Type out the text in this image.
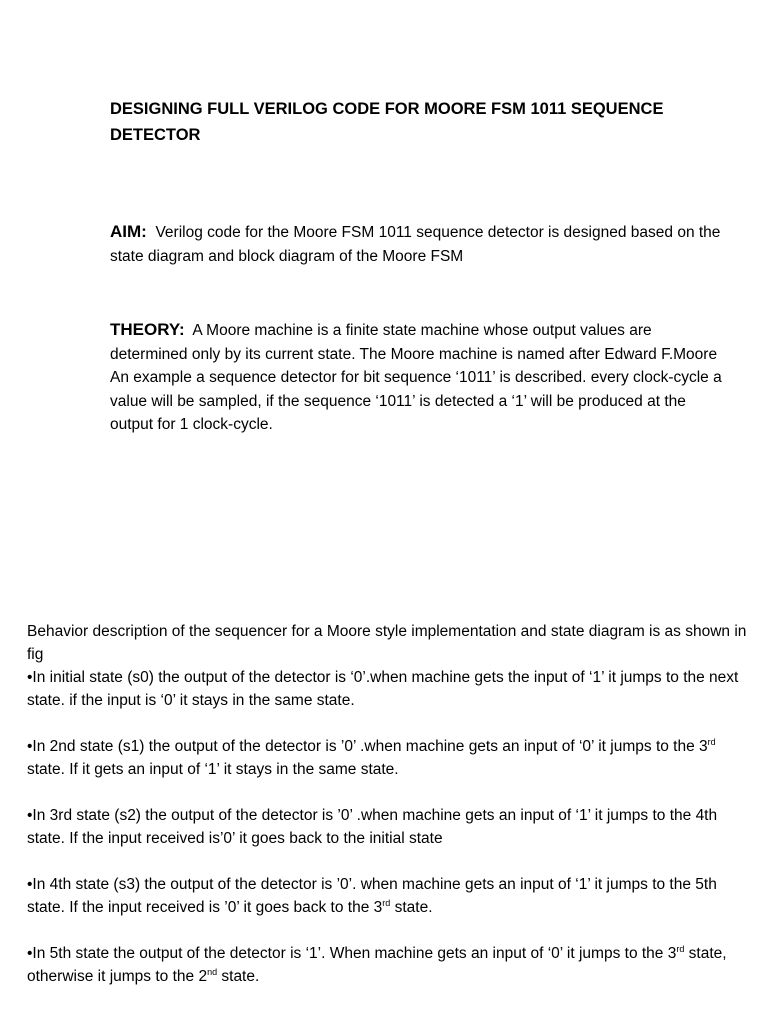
DESIGNING FULL VERILOG CODE FOR MOORE FSM 1011 SEQUENCE DETECTOR

AIM: Verilog code for the Moore FSM 1011 sequence detector is designed based on the state diagram and block diagram of the Moore FSM

THEORY: A Moore machine is a finite state machine whose output values are determined only by its current state. The Moore machine is named after Edward F.Moore

An example a sequence detector for bit sequence ‘1011’ is described. every clock-cycle a value will be sampled, if the sequence ‘1011’ is detected a ‘1’ will be produced at the output for 1 clock-cycle.

Behavior description of the sequencer for a Moore style implementation and state diagram is as shown in fig

•In initial state (s0) the output of the detector is ‘0’.when machine gets the input of ‘1’ it jumps to the next state. if the input is ‘0’ it stays in the same state.

•In 2nd state (s1) the output of the detector is ’0’ .when machine gets an input of ‘0’ it jumps to the 3rd state. If it gets an input of ‘1’ it stays in the same state.

•In 3rd state (s2) the output of the detector is ’0’ .when machine gets an input of ‘1’ it jumps to the 4th state. If the input received is’0’ it goes back to the initial state

•In 4th state (s3) the output of the detector is ’0’. when machine gets an input of ‘1’ it jumps to the 5th state. If the input received is ’0’ it goes back to the 3rd state.

•In 5th state the output of the detector is ‘1’. When machine gets an input of ‘0’ it jumps to the 3rd state, otherwise it jumps to the 2nd state.
